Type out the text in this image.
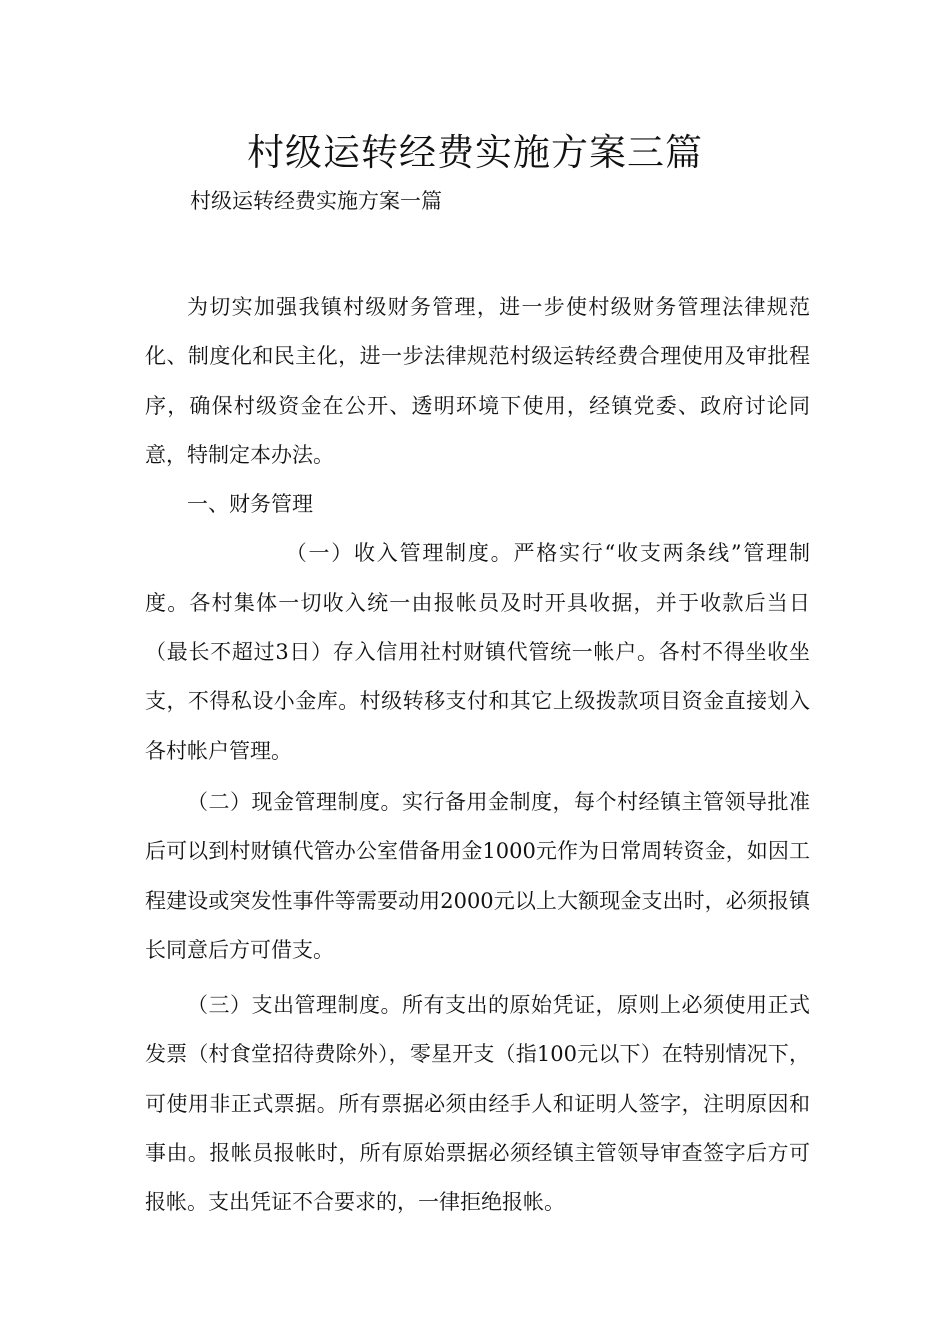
村级运转经费实施方案三篇

村级运转经费实施方案一篇

为切实加强我镇村级财务管理，进一步使村级财务管理法律规范化、制度化和民主化，进一步法律规范村级运转经费合理使用及审批程序，确保村级资金在公开、透明环境下使用，经镇党委、政府讨论同意，特制定本办法。

一、财务管理

（一）收入管理制度。严格实行“收支两条线”管理制度。各村集体一切收入统一由报帐员及时开具收据，并于收款后当日（最长不超过3日）存入信用社村财镇代管统一帐户。各村不得坐收坐支，不得私设小金库。村级转移支付和其它上级拨款项目资金直接划入各村帐户管理。

（二）现金管理制度。实行备用金制度，每个村经镇主管领导批准后可以到村财镇代管办公室借备用金1000元作为日常周转资金，如因工程建设或突发性事件等需要动用2000元以上大额现金支出时，必须报镇长同意后方可借支。

（三）支出管理制度。所有支出的原始凭证，原则上必须使用正式发票（村食堂招待费除外），零星开支（指100元以下）在特别情况下，可使用非正式票据。所有票据必须由经手人和证明人签字，注明原因和事由。报帐员报帐时，所有原始票据必须经镇主管领导审查签字后方可报帐。支出凭证不合要求的，一律拒绝报帐。
